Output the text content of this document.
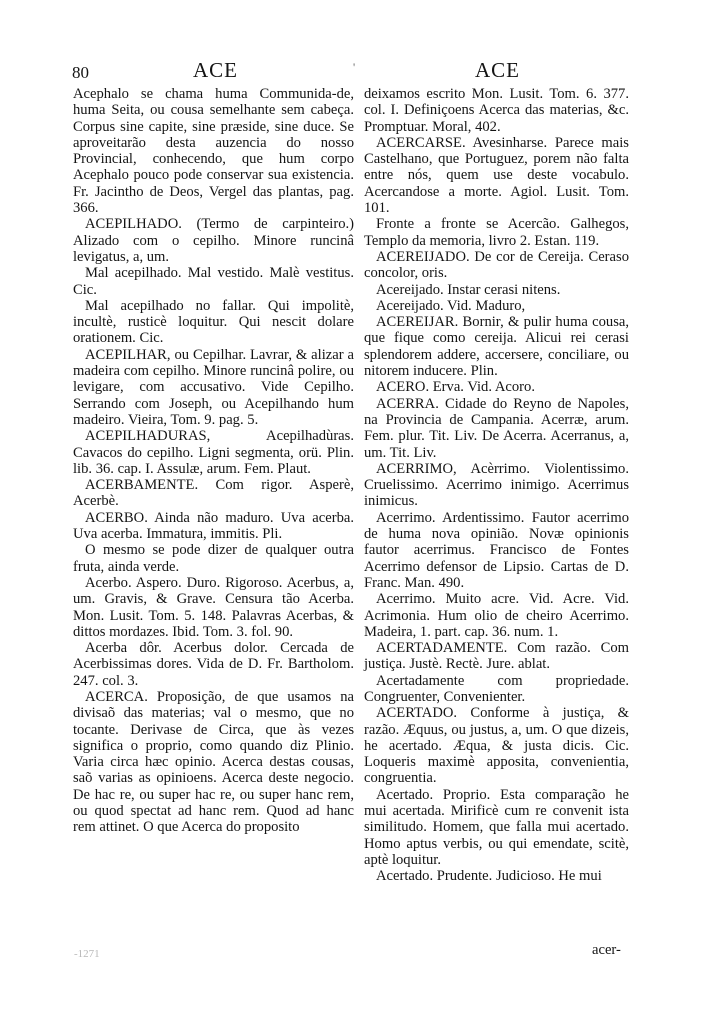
80	ACE	'	ACE

Acephalo se chama huma Communida-de, huma Seita, ou cousa semelhante sem cabeça. Corpus sine capite, sine præside, sine duce. Se aproveitarão desta auzencia do nosso Provincial, conhecendo, que hum corpo Acephalo pouco pode conservar sua existencia. Fr. Jacintho de Deos, Vergel das plantas, pag. 366.

ACEPILHADO. (Termo de carpinteiro.) Alizado com o cepilho. Minore runcinâ levigatus, a, um.

Mal acepilhado. Mal vestido. Malè vestitus. Cic.

Mal acepilhado no fallar. Qui impolitè, incultè, rusticè loquitur. Qui nescit dolare orationem. Cic.

ACEPILHAR, ou Cepilhar. Lavrar, & alizar a madeira com cepilho. Minore runcinâ polire, ou levigare, com accusativo. Vide Cepilho. Serrando com Joseph, ou Acepilhando hum madeiro. Vieira, Tom. 9. pag. 5.

ACEPILHADURAS, Acepilhadùras. Cavacos do cepilho. Ligni segmenta, orü. Plin. lib. 36. cap. I. Assulæ, arum. Fem. Plaut.

ACERBAMENTE. Com rigor. Asperè, Acerbè.

ACERBO. Ainda não maduro. Uva acerba. Uva acerba. Immatura, immitis. Pli.

O mesmo se pode dizer de qualquer outra fruta, ainda verde.

Acerbo. Aspero. Duro. Rigoroso. Acerbus, a, um. Gravis, & Grave. Censura tão Acerba. Mon. Lusit. Tom. 5. 148. Palavras Acerbas, & dittos mordazes. Ibid. Tom. 3. fol. 90.

Acerba dôr. Acerbus dolor. Cercada de Acerbissimas dores. Vida de D. Fr. Bartholom. 247. col. 3.

ACERCA. Proposição, de que usamos na divisaõ das materias; val o mesmo, que no tocante. Derivase de Circa, que às vezes significa o proprio, como quando diz Plinio. Varia circa hæc opinio. Acerca destas cousas, saõ varias as opinioens. Acerca deste negocio. De hac re, ou super hac re, ou super hanc rem, ou quod spectat ad hanc rem. Quod ad hanc rem attinet. O que Acerca do proposito

deixamos escrito Mon. Lusit. Tom. 6. 377. col. I. Definiçoens Acerca das materias, &c. Promptuar. Moral, 402.

ACERCARSE. Avesinharse. Parece mais Castelhano, que Portuguez, porem não falta entre nós, quem use deste vocabulo. Acercandose a morte. Agiol. Lusit. Tom. 101.

Fronte a fronte se Acercão. Galhegos, Templo da memoria, livro 2. Estan. 119.

ACEREIJADO. De cor de Cereija. Ceraso concolor, oris.

Acereijado. Instar cerasi nitens.

Acereijado. Vid. Maduro,

ACEREIJAR. Bornir, & pulir huma cousa, que fique como cereija. Alicui rei cerasi splendorem addere, accersere, conciliare, ou nitorem inducere. Plin.

ACERO. Erva. Vid. Acoro.

ACERRA. Cidade do Reyno de Napoles, na Provincia de Campania. Acerræ, arum. Fem. plur. Tit. Liv. De Acerra. Acerranus, a, um. Tit. Liv.

ACERRIMO, Acèrrimo. Violentissimo. Cruelissimo. Acerrimo inimigo. Acerrimus inimicus.

Acerrimo. Ardentissimo. Fautor acerrimo de huma nova opinião. Novæ opinionis fautor acerrimus. Francisco de Fontes Acerrimo defensor de Lipsio. Cartas de D. Franc. Man. 490.

Acerrimo. Muito acre. Vid. Acre. Vid. Acrimonia. Hum olio de cheiro Acerrimo. Madeira, 1. part. cap. 36. num. 1.

ACERTADAMENTE. Com razão. Com justiça. Justè. Rectè. Jure. ablat.

Acertadamente com propriedade. Congruenter, Convenienter.

ACERTADO. Conforme à justiça, & razão. Æquus, ou justus, a, um. O que dizeis, he acertado. Æqua, & justa dicis. Cic. Loqueris maximè apposita, convenientia, congruentia.

Acertado. Proprio. Esta comparação he mui acertada. Mirificè cum re convenit ista similitudo. Homem, que falla mui acertado. Homo aptus verbis, ou qui emendate, scitè, aptè loquitur.

Acertado. Prudente. Judicioso. He mui

acer-
-1271
